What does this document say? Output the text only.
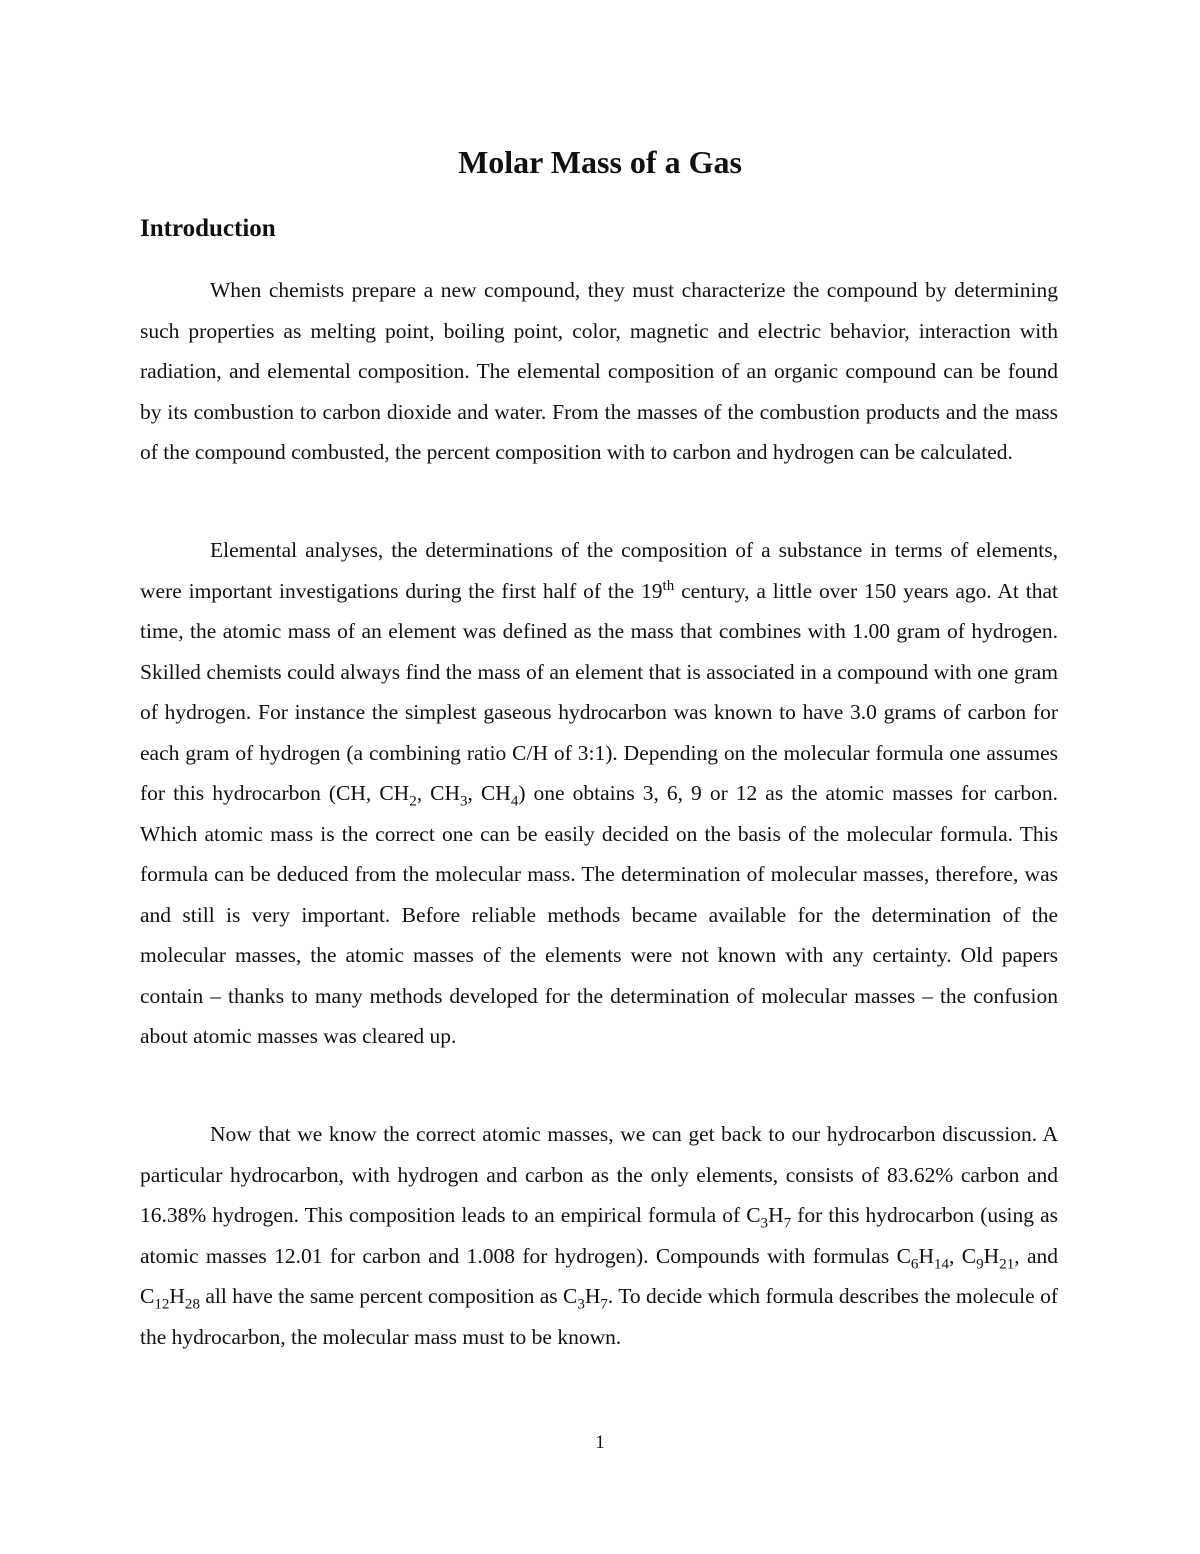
Molar Mass of a Gas
Introduction

When chemists prepare a new compound, they must characterize the compound by determining such properties as melting point, boiling point, color, magnetic and electric behavior, interaction with radiation, and elemental composition. The elemental composition of an organic compound can be found by its combustion to carbon dioxide and water. From the masses of the combustion products and the mass of the compound combusted, the percent composition with to carbon and hydrogen can be calculated.

Elemental analyses, the determinations of the composition of a substance in terms of elements, were important investigations during the first half of the 19th century, a little over 150 years ago. At that time, the atomic mass of an element was defined as the mass that combines with 1.00 gram of hydrogen. Skilled chemists could always find the mass of an element that is associated in a compound with one gram of hydrogen. For instance the simplest gaseous hydrocarbon was known to have 3.0 grams of carbon for each gram of hydrogen (a combining ratio C/H of 3:1). Depending on the molecular formula one assumes for this hydrocarbon (CH, $CH_2$, $CH_3$, $CH_4$) one obtains 3, 6, 9 or 12 as the atomic masses for carbon. Which atomic mass is the correct one can be easily decided on the basis of the molecular formula. This formula can be deduced from the molecular mass. The determination of molecular masses, therefore, was and still is very important. Before reliable methods became available for the determination of the molecular masses, the atomic masses of the elements were not known with any certainty. Old papers contain – thanks to many methods developed for the determination of molecular masses – the confusion about atomic masses was cleared up.

Now that we know the correct atomic masses, we can get back to our hydrocarbon discussion. A particular hydrocarbon, with hydrogen and carbon as the only elements, consists of 83.62% carbon and 16.38% hydrogen. This composition leads to an empirical formula of $C_3H_7$ for this hydrocarbon (using as atomic masses 12.01 for carbon and 1.008 for hydrogen). Compounds with formulas $C_6H_{14}$, $C_9H_{21}$, and $C_{12}H_{28}$ all have the same percent composition as $C_3H_7$. To decide which formula describes the molecule of the hydrocarbon, the molecular mass must to be known.

1
